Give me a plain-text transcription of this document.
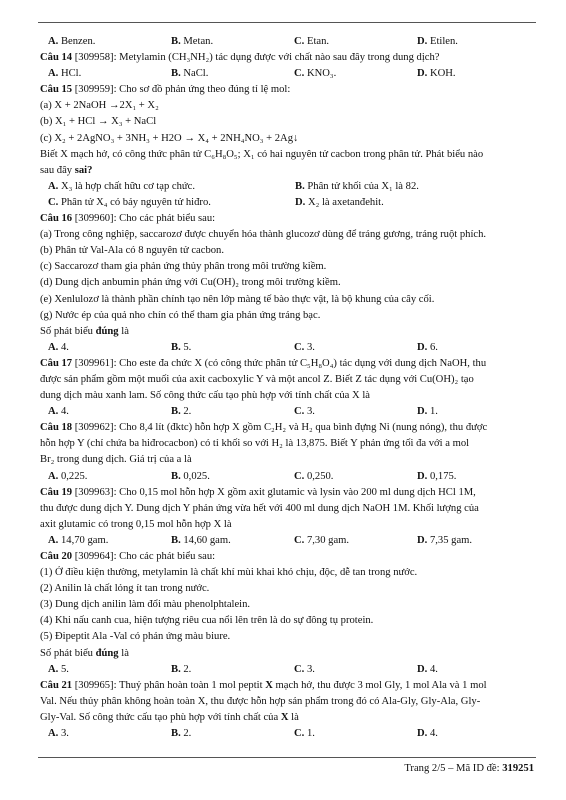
A. Benzen.	B. Metan.	C. Etan.	D. Etilen.
Câu 14 [309958]: Metylamin (CH₃NH₂) tác dụng được với chất nào sau đây trong dung dịch?
A. HCl.	B. NaCl.	C. KNO₃.	D. KOH.
Câu 15 [309959]: Cho sơ đồ phản ứng theo đúng tỉ lệ mol:
(a) X + 2NaOH →2X₁ + X₂
(b) X₁ + HCl → X₃ + NaCl
(c) X₂ + 2AgNO₃ + 3NH₃ + H2O → X₄ + 2NH₄NO₃ + 2Ag↓
Biết X mạch hở, có công thức phân tử C₆H₈O₅; X₁ có hai nguyên tử cacbon trong phân tử. Phát biểu nào
sau đây sai?
A. X₃ là hợp chất hữu cơ tạp chức.	B. Phân tử khối của X₁ là 82.
C. Phân tử X₄ có bảy nguyên tử hiđro.	D. X₂ là axetanđehit.
Câu 16 [309960]: Cho các phát biểu sau:
(a) Trong công nghiệp, saccarozơ được chuyển hóa thành glucozơ dùng để tráng gương, tráng ruột phích.
(b) Phân tử Val-Ala có 8 nguyên tử cacbon.
(c) Saccarozơ tham gia phản ứng thủy phân trong môi trường kiềm.
(d) Dung dịch anbumin phản ứng với Cu(OH)₂ trong môi trường kiềm.
(e) Xenlulozơ là thành phần chính tạo nên lớp màng tế bào thực vật, là bộ khung của cây cối.
(g) Nước ép của quả nho chín có thể tham gia phản ứng tráng bạc.
Số phát biểu đúng là
A. 4.	B. 5.	C. 3.	D. 6.
Câu 17 [309961]: Cho este đa chức X (có công thức phân tử C₅H₈O₄) tác dụng với dung dịch NaOH, thu
được sản phẩm gồm một muối của axit cacboxylic Y và một ancol Z. Biết Z tác dụng với Cu(OH)₂ tạo
dung dịch màu xanh lam. Số công thức cấu tạo phù hợp với tính chất của X là
A. 4.	B. 2.	C. 3.	D. 1.
Câu 18 [309962]: Cho 8,4 lít (đktc) hỗn hợp X gồm C₂H₂ và H₂ qua bình đựng Ni (nung nóng), thu được
hỗn hợp Y (chỉ chứa ba hiđrocacbon) có tỉ khối so với H₂ là 13,875. Biết Y phản ứng tối đa với a mol
Br₂ trong dung dịch. Giá trị của a là
A. 0,225.	B. 0,025.	C. 0,250.	D. 0,175.
Câu 19 [309963]: Cho 0,15 mol hỗn hợp X gồm axit glutamic và lysin vào 200 ml dung dịch HCl 1M,
thu được dung dịch Y. Dung dịch Y phản ứng vừa hết với 400 ml dung dịch NaOH 1M. Khối lượng của
axit glutamic có trong 0,15 mol hỗn hợp X là
A. 14,70 gam.	B. 14,60 gam.	C. 7,30 gam.	D. 7,35 gam.
Câu 20 [309964]: Cho các phát biểu sau:
(1) Ở điều kiện thường, metylamin là chất khí mùi khai khó chịu, độc, dễ tan trong nước.
(2) Anilin là chất lỏng ít tan trong nước.
(3) Dung dịch anilin làm đổi màu phenolphtalein.
(4) Khi nấu canh cua, hiện tượng riêu cua nổi lên trên là do sự đông tụ protein.
(5) Đipeptit Ala -Val có phản ứng màu biure.
Số phát biểu đúng là
A. 5.	B. 2.	C. 3.	D. 4.
Câu 21 [309965]: Thuỷ phân hoàn toàn 1 mol peptit X mạch hở, thu được 3 mol Gly, 1 mol Ala và 1 mol
Val. Nếu thủy phân không hoàn toàn X, thu được hỗn hợp sản phẩm trong đó có Ala-Gly, Gly-Ala, Gly-
Gly-Val. Số công thức cấu tạo phù hợp với tính chất của X là
A. 3.	B. 2.	C. 1.	D. 4.
Trang 2/5 – Mã ID đề: 319251
